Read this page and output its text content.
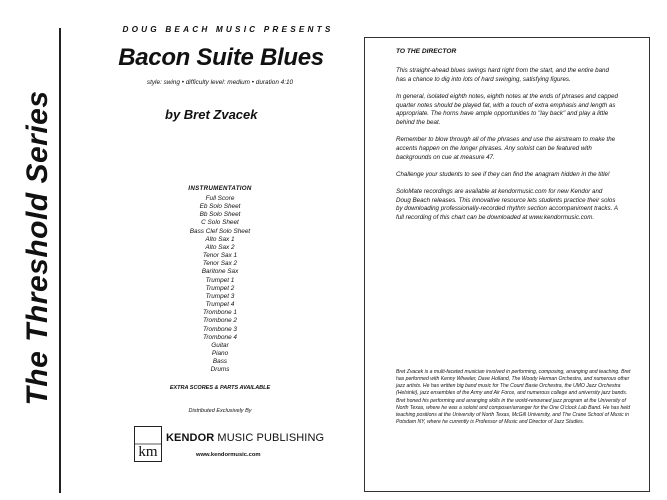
The Threshold Series
DOUG BEACH MUSIC PRESENTS
Bacon Suite Blues
style: swing • difficulty level: medium • duration 4:10
by Bret Zvacek
INSTRUMENTATION
Full Score
Eb Solo Sheet
Bb Solo Sheet
C Solo Sheet
Bass Clef Solo Sheet
Alto Sax 1
Alto Sax 2
Tenor Sax 1
Tenor Sax 2
Baritone Sax
Trumpet 1
Trumpet 2
Trumpet 3
Trumpet 4
Trombone 1
Trombone 2
Trombone 3
Trombone 4
Guitar
Piano
Bass
Drums
EXTRA SCORES & PARTS AVAILABLE
Distributed Exclusively By
km
KENDOR MUSIC PUBLISHING
www.kendormusic.com
TO THE DIRECTOR

This straight-ahead blues swings hard right from the start, and the entire band has a chance to dig into lots of hard swinging, satisfying figures.

In general, isolated eighth notes, eighth notes at the ends of phrases and capped quarter notes should be played fat, with a touch of extra emphasis and length as appropriate. The horns have ample opportunities to "lay back" and play a little behind the beat.

Remember to blow through all of the phrases and use the airstream to make the accents happen on the longer phrases. Any soloist can be featured with backgrounds on cue at measure 47.

Challenge your students to see if they can find the anagram hidden in the title!

SoloMate recordings are available at kendormusic.com for new Kendor and Doug Beach releases. This innovative resource lets students practice their solos by downloading professionally-recorded rhythm section accompaniment tracks. A full recording of this chart can be downloaded at www.kendormusic.com.

Bret Zvacek is a multi-faceted musician involved in performing, composing, arranging and teaching. Bret has performed with Kenny Wheeler, Dave Holland, The Woody Herman Orchestra, and numerous other jazz artists. He has written big band music for The Count Basie Orchestra, the UMO Jazz Orchestra (Helsinki), jazz ensembles of the Army and Air Force, and numerous college and university jazz bands. Bret honed his performing and arranging skills in the world-renowned jazz program at the University of North Texas, where he was a soloist and composer/arranger for the One O'clock Lab Band. He has held teaching positions at the University of North Texas, McGill University, and The Crane School of Music in Potsdam NY, where he currently is Professor of Music and Director of Jazz Studies.
